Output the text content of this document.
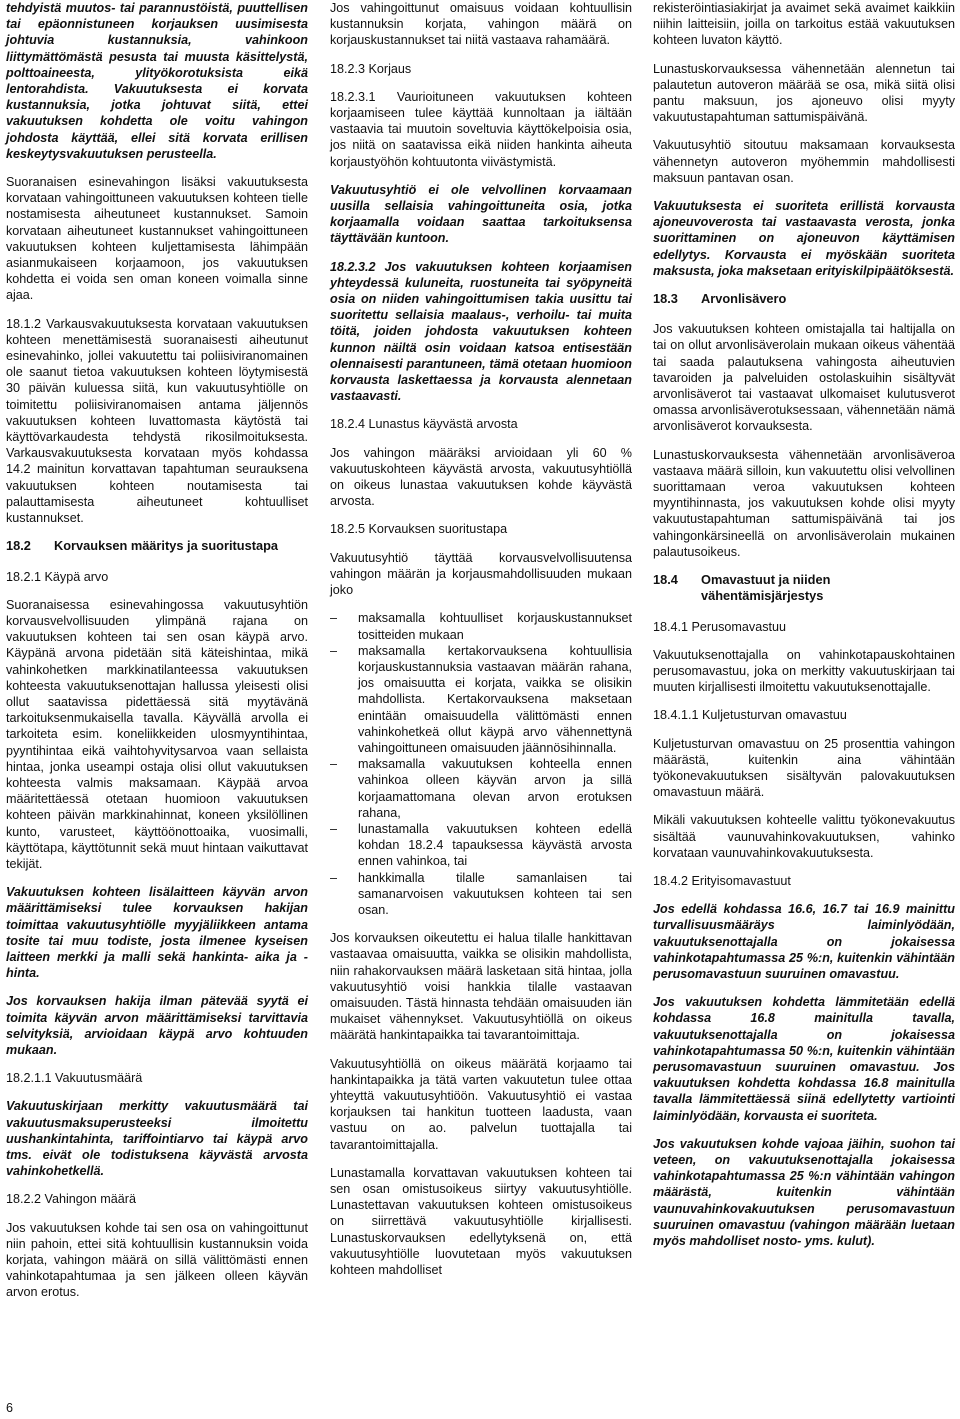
tehdyistä muutos- tai parannustöistä, puuttellisen tai epäonnistuneen korjauksen uusimisesta johtuvia kustannuksia, vahinkoon liittymättömästä pesusta tai muusta käsittelystä, polttoaineesta, ylityökorotuksista eikä lentorahdista. Vakuutuksesta ei korvata kustannuksia, jotka johtuvat siitä, ettei vakuutuksen kohdetta ole voitu vahingon johdosta käyttää, ellei sitä korvata erillisen keskeytysvakuutuksen perusteella.

Suoranaisen esinevahingon lisäksi vakuutuksesta korvataan vahingoittuneen vakuutuksen kohteen tielle nostamisesta aiheutuneet kustannukset. Samoin korvataan aiheutuneet kustannukset vahingoittuneen vakuutuksen kohteen kuljettamisesta lähimpään asianmukaiseen korjaamoon, jos vakuutuksen kohdetta ei voida sen oman koneen voimalla sinne ajaa.

18.1.2 Varkausvakuutuksesta korvataan vakuutuksen kohteen menettämisestä suoranaisesti aiheutunut esinevahinko, jollei vakuutettu tai poliisiviranomainen ole saanut tietoa vakuutuksen kohteen löytymisestä 30 päivän kuluessa siitä, kun vakuutusyhtiölle on toimitettu poliisiviranomaisen antama jäljennös vakuutuksen kohteen luvattomasta käytöstä tai käyttövarkaudesta tehdystä rikosilmoituksesta. Varkausvakuutuksesta korvataan myös kohdassa 14.2 mainitun korvattavan tapahtuman seurauksena vakuutuksen kohteen noutamisesta tai palauttamisesta aiheutuneet kohtuulliset kustannukset.

18.2	Korvauksen määritys ja suoritustapa

18.2.1 Käypä arvo

Suoranaisessa esinevahingossa vakuutusyhtiön korvausvelvollisuuden ylimpänä rajana on vakuutuksen kohteen tai sen osan käypä arvo. Käypänä arvona pidetään sitä käteishintaa, mikä vahinkohetken markkinatilanteessa vakuutuksen kohteesta vakuutuksenottajan hallussa yleisesti olisi ollut saatavissa pidettäessä sitä myytävänä tarkoituksenmukaisella tavalla. Käyvällä arvolla ei tarkoiteta esim. koneliikkeiden ulosmyyntihintaa, pyyntihintaa eikä vaihtohyvitysarvoa vaan sellaista hintaa, jonka useampi ostaja olisi ollut vakuutuksen kohteesta valmis maksamaan. Käypää arvoa määritettäessä otetaan huomioon vakuutuksen kohteen päivän markkinahinnat, koneen yksilöllinen kunto, varusteet, käyttöönottoaika, vuosimalli, käyttötapa, käyttötunnit sekä muut hintaan vaikuttavat tekijät.

Vakuutuksen kohteen lisälaitteen käyvän arvon määrittämiseksi tulee korvauksen hakijan toimittaa vakuutusyhtiölle myyjäliikkeen antama tosite tai muu todiste, josta ilmenee kyseisen laitteen merkki ja malli sekä hankinta- aika ja -hinta.

Jos korvauksen hakija ilman pätevää syytä ei toimita käyvän arvon määrittämiseksi tarvittavia selvityksiä, arvioidaan käypä arvo kohtuuden mukaan.

18.2.1.1 Vakuutusmäärä

Vakuutuskirjaan merkitty vakuutusmäärä tai vakuutusmaksuperusteeksi ilmoitettu uushankintahinta, tariffointiarvo tai käypä arvo tms. eivät ole todistuksena käyvästä arvosta vahinkohetkellä.

18.2.2 Vahingon määrä

Jos vakuutuksen kohde tai sen osa on vahingoittunut niin pahoin, ettei sitä kohtuullisin kustannuksin voida korjata, vahingon määrä on sillä välittömästi ennen vahinkotapahtumaa ja sen jälkeen olleen käyvän arvon erotus.

Jos vahingoittunut omaisuus voidaan kohtuullisin kustannuksin korjata, vahingon määrä on korjauskustannukset tai niitä vastaava rahamäärä.

18.2.3 Korjaus

18.2.3.1 Vaurioituneen vakuutuksen kohteen korjaamiseen tulee käyttää kunnoltaan ja iältään vastaavia tai muutoin soveltuvia käyttökelpoisia osia, jos niitä on saatavissa eikä niiden hankinta aiheuta korjaustyöhön kohtuutonta viivästymistä.

Vakuutusyhtiö ei ole velvollinen korvaamaan uusilla sellaisia vahingoittuneita osia, jotka korjaamalla voidaan saattaa tarkoituksensa täyttävään kuntoon.

18.2.3.2 Jos vakuutuksen kohteen korjaamisen yhteydessä kuluneita, ruostuneita tai syöpyneitä osia on niiden vahingoittumisen takia uusittu tai suoritettu sellaisia maalaus-, verhoilu- tai muita töitä, joiden johdosta vakuutuksen kohteen kunnon näiltä osin voidaan katsoa entisestään olennaisesti parantuneen, tämä otetaan huomioon korvausta laskettaessa ja korvausta alennetaan vastaavasti.

18.2.4 Lunastus käyvästä arvosta

Jos vahingon määräksi arvioidaan yli 60 % vakuutuskohteen käyvästä arvosta, vakuutusyhtiöllä on oikeus lunastaa vakuutuksen kohde käyvästä arvosta.

18.2.5 Korvauksen suoritustapa

Vakuutusyhtiö täyttää korvausvelvollisuutensa vahingon määrän ja korjausmahdollisuuden mukaan joko

– maksamalla kohtuulliset korjauskustannukset tositteiden mukaan
– maksamalla kertakorvauksena kohtuullisia korjauskustannuksia vastaavan määrän rahana, jos omaisuutta ei korjata, vaikka se olisikin mahdollista. Kertakorvauksena maksetaan enintään omaisuudella välittömästi ennen vahinkohetkeä ollut käypä arvo vähennettynä vahingoittuneen omaisuuden jäännösihinnalla.
– maksamalla vakuutuksen kohteella ennen vahinkoa olleen käyvän arvon ja sillä korjaamattomana olevan arvon erotuksen rahana,
– lunastamalla vakuutuksen kohteen edellä kohdan 18.2.4 tapauksessa käyvästä arvosta ennen vahinkoa, tai
– hankkimalla tilalle samanlaisen tai samanarvoisen vakuutuksen kohteen tai sen osan.

Jos korvauksen oikeutettu ei halua tilalle hankittavan vastaavaa omaisuutta, vaikka se olisikin mahdollista, niin rahakorvauksen määrä lasketaan sitä hintaa, jolla vakuutusyhtiö voisi hankkia tilalle vastaavan omaisuuden. Tästä hinnasta tehdään omaisuuden iän mukaiset vähennykset. Vakuutusyhtiöllä on oikeus määrätä hankintapaikka tai tavarantoimittaja.

Vakuutusyhtiöllä on oikeus määrätä korjaamo tai hankintapaikka ja tätä varten vakuutetun tulee ottaa yhteyttä vakuutusyhtiöön. Vakuutusyhtiö ei vastaa korjauksen tai hankitun tuotteen laadusta, vaan vastuu on ao. palvelun tuottajalla tai tavarantoimittajalla.

Lunastamalla korvattavan vakuutuksen kohteen tai sen osan omistusoikeus siirtyy vakuutusyhtiölle. Lunastettavan vakuutuksen kohteen omistusoikeus on siirrettävä vakuutusyhtiölle kirjallisesti. Lunastuskorvauksen edellytyksenä on, että vakuutusyhtiölle luovutetaan myös vakuutuksen kohteen mahdolliset

rekisteröintiasiakirjat ja avaimet sekä avaimet kaikkiin niihin laitteisiin, joilla on tarkoitus estää vakuutuksen kohteen luvaton käyttö.

Lunastuskorvauksessa vähennetään alennetun tai palautetun autoveron määrää se osa, mikä siitä olisi pantu maksuun, jos ajoneuvo olisi myyty vakuutustapahtuman sattumispäivänä.

Vakuutusyhtiö sitoutuu maksamaan korvauksesta vähennetyn autoveron myöhemmin mahdollisesti maksuun pantavan osan.

Vakuutuksesta ei suoriteta erillistä korvausta ajoneuvoverosta tai vastaavasta verosta, jonka suorittaminen on ajoneuvon käyttämisen edellytys. Korvausta ei myöskään suoriteta maksusta, joka maksetaan erityiskilpipäätöksestä.

18.3	Arvonlisävero

Jos vakuutuksen kohteen omistajalla tai haltijalla on tai on ollut arvonlisäverolain mukaan oikeus vähentää tai saada palautuksena vahingosta aiheutuvien tavaroiden ja palveluiden ostolaskuihin sisältyvät arvonlisäverot tai vastaavat ulkomaiset kulutusverot omassa arvonlisäverotuksessaan, vähennetään nämä arvonlisäverot korvauksesta.

Lunastuskorvauksesta vähennetään arvonlisäveroa vastaava määrä silloin, kun vakuutettu olisi velvollinen suorittamaan veroa vakuutuksen kohteen myyntihinnasta, jos vakuutuksen kohde olisi myyty vakuutustapahtuman sattumispäivänä tai jos vahingonkärsineellä on arvonlisäverolain mukainen palautusoikeus.

18.4	Omavastuut ja niiden vähentämisjärjestys

18.4.1 Perusomavastuu

Vakuutuksenottajalla on vahinkotapauskohtainen perusomavastuu, joka on merkitty vakuutuskirjaan tai muuten kirjallisesti ilmoitettu vakuutuksenottajalle.

18.4.1.1 Kuljetusturvan omavastuu

Kuljetusturvan omavastuu on 25 prosenttia vahingon määrästä, kuitenkin aina vähintään työkonevakuutuksen sisältyvän palovakuutuksen omavastuun määrä.

Mikäli vakuutuksen kohteelle valittu työkonevakuutus sisältää vaunuvahinkovakuutuksen, vahinko korvataan vaunuvahinkovakuutuksesta.

18.4.2 Erityisomavastuut

Jos edellä kohdassa 16.6, 16.7 tai 16.9 mainittu turvallisuusmääräys laiminlyödään, vakuutuksenottajalla on jokaisessa vahinkotapahtumassa 25 %:n, kuitenkin vähintään perusomavastuun suuruinen omavastuu.

Jos vakuutuksen kohdetta lämmitetään edellä kohdassa 16.8 mainitulla tavalla, vakuutuksenottajalla on jokaisessa vahinkotapahtumassa 50 %:n, kuitenkin vähintään perusomavastuun suuruinen omavastuu. Jos vakuutuksen kohdetta kohdassa 16.8 mainitulla tavalla lämmitettäessä siinä edellytetty vartiointi laiminlyödään, korvausta ei suoriteta.

Jos vakuutuksen kohde vajoaa jäihin, suohon tai veteen, on vakuutuksenottajalla jokaisessa vahinkotapahtumassa 25 %:n vähintään vahingon määrästä, kuitenkin vähintään vaunuvahinkovakuutuksen perusomavastuun suuruinen omavastuu (vahingon määrään luetaan myös mahdolliset nosto- yms. kulut).

6
